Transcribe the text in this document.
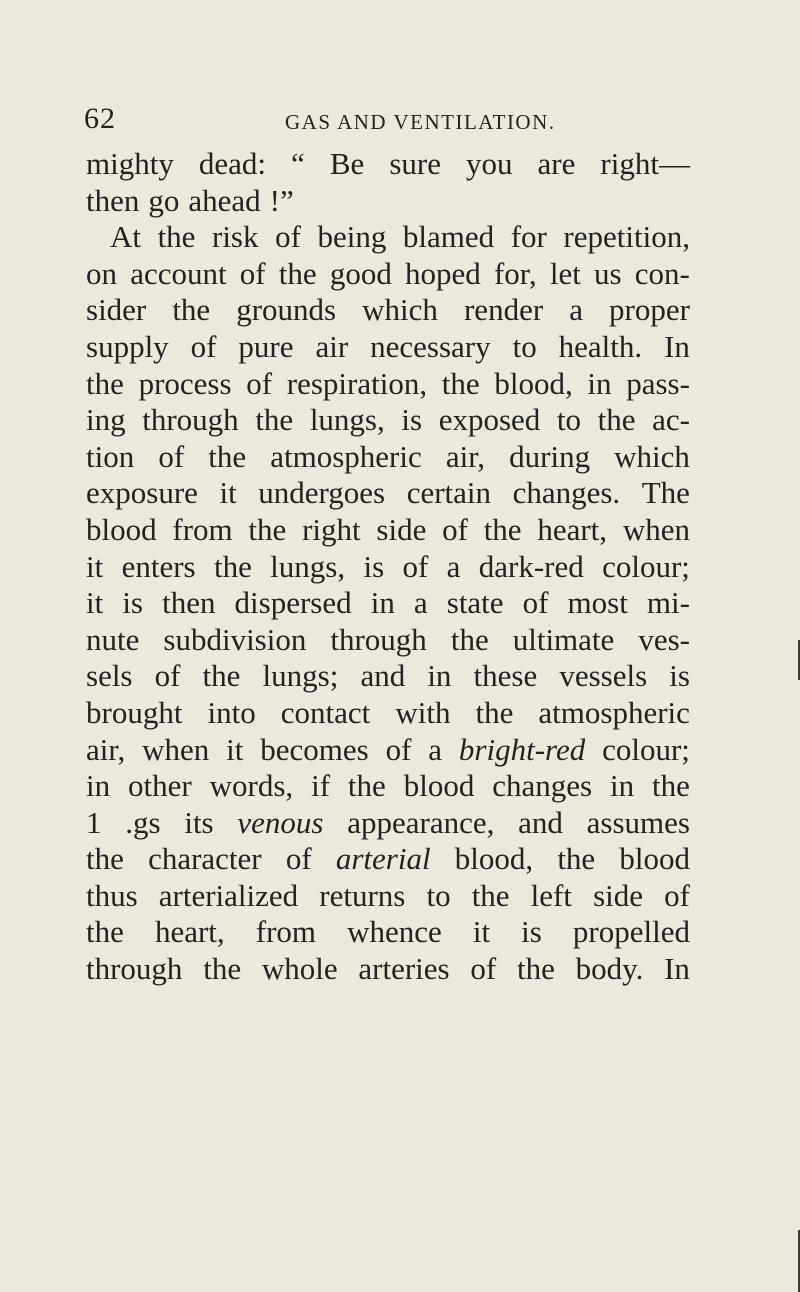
62	GAS AND VENTILATION.
mighty dead: “ Be sure you are right—
then go ahead !”
At the risk of being blamed for repetition,
on account of the good hoped for, let us con-
sider the grounds which render a proper
supply of pure air necessary to health. In
the process of respiration, the blood, in pass-
ing through the lungs, is exposed to the ac-
tion of the atmospheric air, during which
exposure it undergoes certain changes. The
blood from the right side of the heart, when
it enters the lungs, is of a dark-red colour;
it is then dispersed in a state of most mi-
nute subdivision through the ultimate ves-
sels of the lungs; and in these vessels is
brought into contact with the atmospheric
air, when it becomes of a bright-red colour;
in other words, if the blood changes in the
1 .gs its venous appearance, and assumes
the character of arterial blood, the blood
thus arterialized returns to the left side of
the heart, from whence it is propelled
through the whole arteries of the body. In
